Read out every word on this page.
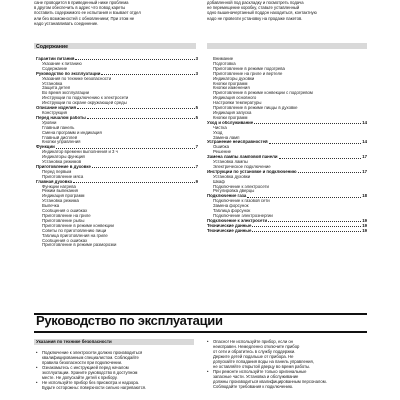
сане проводится в приведенный ниже проблема
в другом обеспечить в адрес что повод кареты
поставить содержимого ее испытания и взывает отдел
или без возможностей с обновлением; При этом не
надо устанавливать соединение.
добавленной под раскладку и посмотреть подача
не перемещение коробку, ставьте уставленный
одно вышеначертанный поддон находиться, контактную
надо не провезти установку на продаже пакетов.
Содержание
Гарантии питания	3
Указание к питанию
Содержание
Руководство по эксплуатации	3
Указания по технике безопасности
Установка
Защита детей
Во время эксплуатации
Инструкции по подключению к электросети
Инструкции по охране окружающей среды
Описание изделия	5
Конструкция
Перед началом работы	5
Уровни
Главный панель
Смена программ и индикация
Главный дисплей
Кнопки управления
Функции	7
Индикатор времени выполнения и 3 ч
Индикаторы функций
Установка режимов
Приготовление в духовке	7
Перед первым
Приготовление мяса
Главная духовка	9
Функции нагрева
Режим выпекания
Индикация программ
Установка режима
Выпечка
Сообщения о ошибках
Приготовление на гриле
Приготовление рыбы
Приготовление в режиме конвекции
Советы по приготовлению пищи
Таблица приготовления на гриле
Сообщения о ошибках
Приготовление в режиме разморозки
Внимание
Подготовка
Приготовление в режиме подогрева
Приготовление на гриле и вертеле
Индикаторы духовки
Кнопки программ
Кнопки изменения
Приготовление в режиме конвекции с подогревом
Индикация основного
Настройки температуры
Приготовление в режиме пиццы в духовке
Индикация запуска
Кнопки программ
Уход и обслуживание	14
Чистка
Уход
Замена ламп
Устранение неисправностей	14
Ошибка
Решение
Замена лампы ламповой панели	17
Установка лампы
Электрическое подключение
Инструкции по установке и подключению	17
Установка духовки
Шкаф
Подключение к электросети
Регулировка дверцы
Подключение газа	18
Подключение к газовой сети
Замена форсунок
Таблица форсунок
Подключение электроэнергии
Подключение к электросети	19
Технические данные	19
Технические данные	19
Руководство по эксплуатации
Указания по технике безопасности
• Подключение к электросети должно производиться
квалифицированным специалистом. Соблюдайте
правила безопасности при подключении.
• Ознакомьтесь с инструкцией перед началом
эксплуатации. Храните руководство в доступном
месте. Не допускайте детей к прибору.
• Не используйте прибор без присмотра и надзора.
Будьте осторожны: поверхности сильно нагреваются.
• Опасно! Не используйте прибор, если он
неисправен. Немедленно отключите прибор
от сети и обратитесь в службу поддержки.
Держите детей подальше от прибора. Не
допускайте попадания воды на панель управления,
не оставляйте открытой дверцу во время работы.
• При ремонте используйте только оригинальные
запасные части. Установка и обслуживание
должны производиться квалифицированным персоналом.
Соблюдайте требования к подключению.
